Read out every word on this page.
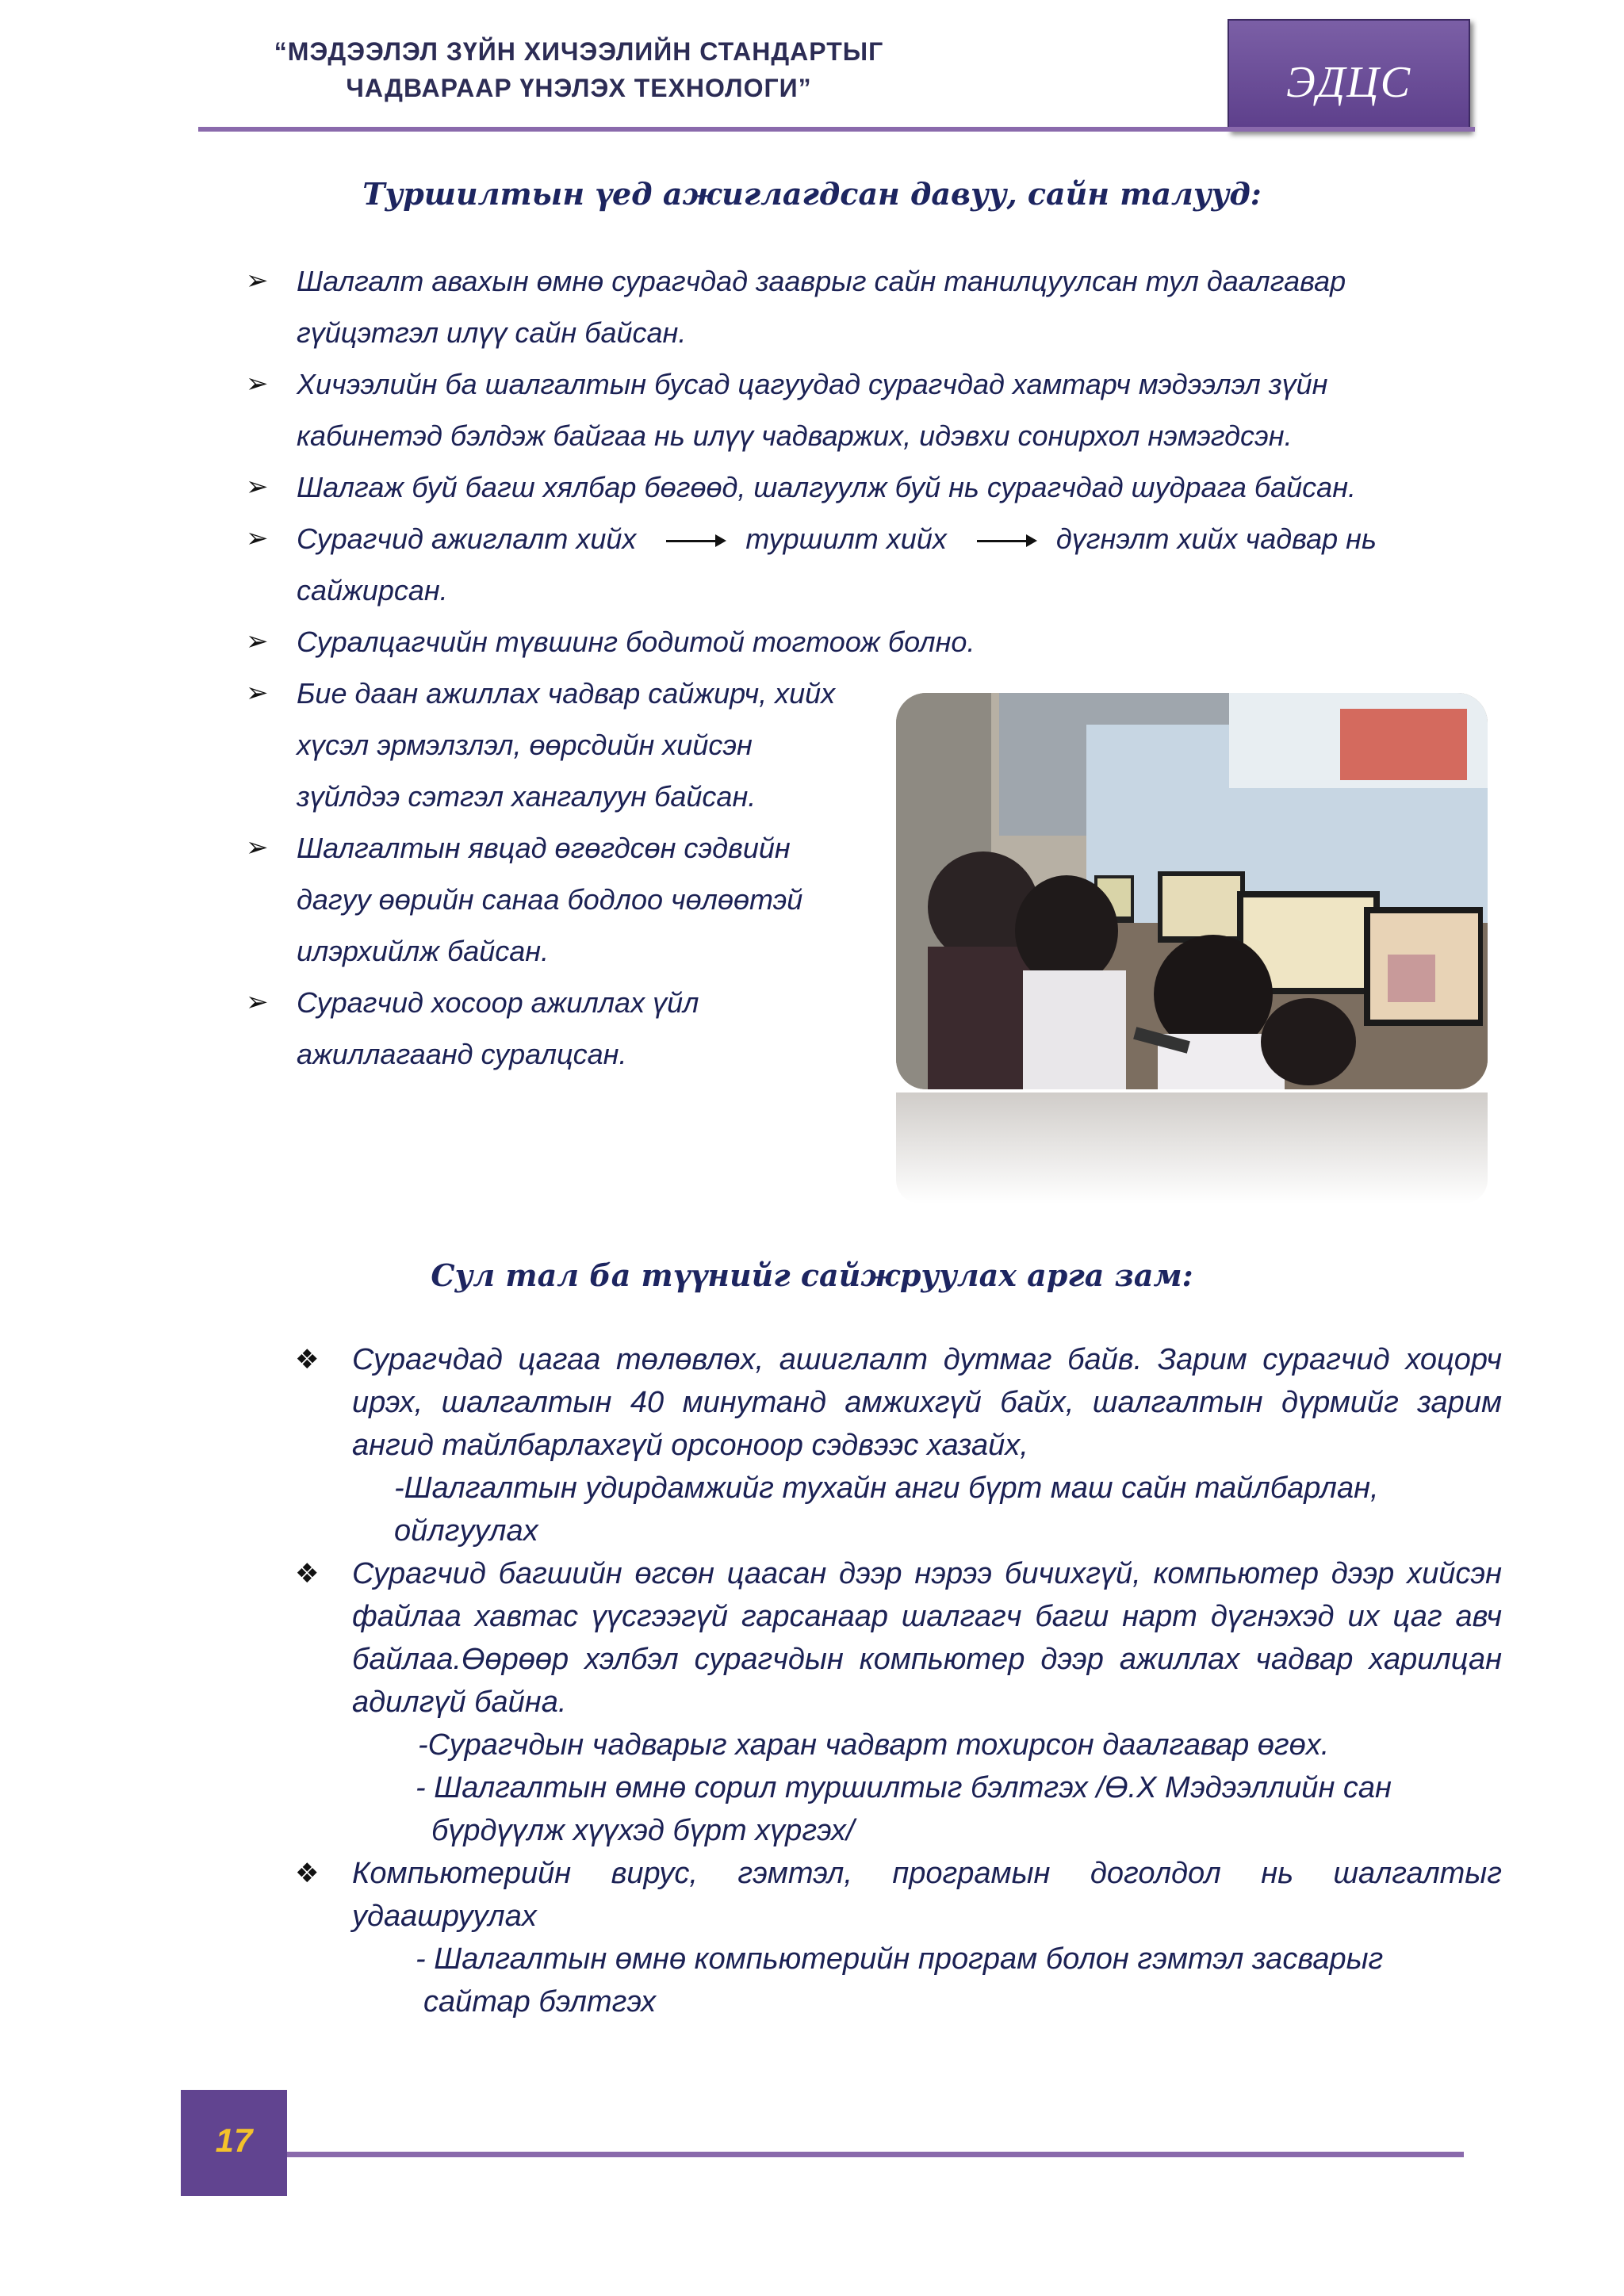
“МЭДЭЭЛЭЛ ЗҮЙН ХИЧЭЭЛИЙН СТАНДАРТЫГ
ЧАДВАРААР ҮНЭЛЭХ ТЕХНОЛОГИ”	ЭДЦС
Туршилтын үед ажиглагдсан давуу, сайн талууд:
➢ Шалгалт авахын өмнө сурагчдад зааврыг сайн танилцуулсан тул даалгавар
гүйцэтгэл илүү сайн байсан.
➢ Хичээлийн ба шалгалтын бусад цагуудад сурагчдад хамтарч мэдээлэл зүйн
кабинетэд бэлдэж байгаа нь илүү чадваржих, идэвхи сонирхол нэмэгдсэн.
➢ Шалгаж буй багш хялбар бөгөөд, шалгуулж буй нь сурагчдад шудрага байсан.
➢ Сурагчид ажиглалт хийх	туршилт хийх	дүгнэлт хийх чадвар нь
сайжирсан.
➢ Суралцагчийн түвшинг бодитой тогтоож болно.
➢ Бие даан ажиллах чадвар сайжирч, хийх
хүсэл эрмэлзлэл, өөрсдийн хийсэн
зүйлдээ сэтгэл хангалуун байсан.
➢ Шалгалтын явцад өгөгдсөн сэдвийн
дагуу өөрийн санаа бодлоо чөлөөтэй
илэрхийлж байсан.
➢ Сурагчид хосоор ажиллах үйл
ажиллагаанд суралцсан.
Сул тал ба түүнийг сайжруулах арга зам:
❖ Сурагчдад цагаа төлөвлөх, ашиглалт дутмаг байв. Зарим сурагчид хоцорч ирэх, шалгалтын 40 минутанд амжихгүй байх, шалгалтын дүрмийг зарим ангид тайлбарлахгүй орсоноор сэдвээс хазайх,
-Шалгалтын удирдамжийг тухайн анги бүрт маш сайн тайлбарлан,
ойлгуулах
❖ Сурагчид багшийн өгсөн цаасан дээр нэрээ бичихгүй, компьютер дээр хийсэн файлаа хавтас үүсгээгүй гарсанаар шалгагч багш нарт дүгнэхэд их цаг авч байлаа.Өөрөөр хэлбэл сурагчдын компьютер дээр ажиллах чадвар харилцан адилгүй байна.
-Сурагчдын чадварыг харан чадварт тохирсон даалгавар өгөх.
- Шалгалтын өмнө сорил туршилтыг бэлтгэх /Ө.Х Мэдээллийн сан
бүрдүүлж хүүхэд бүрт хүргэх/
❖ Компьютерийн вирус, гэмтэл, програмын доголдол нь шалгалтыг удаашруулах
- Шалгалтын өмнө компьютерийн програм болон гэмтэл засварыг
сайтар бэлтгэх
17
